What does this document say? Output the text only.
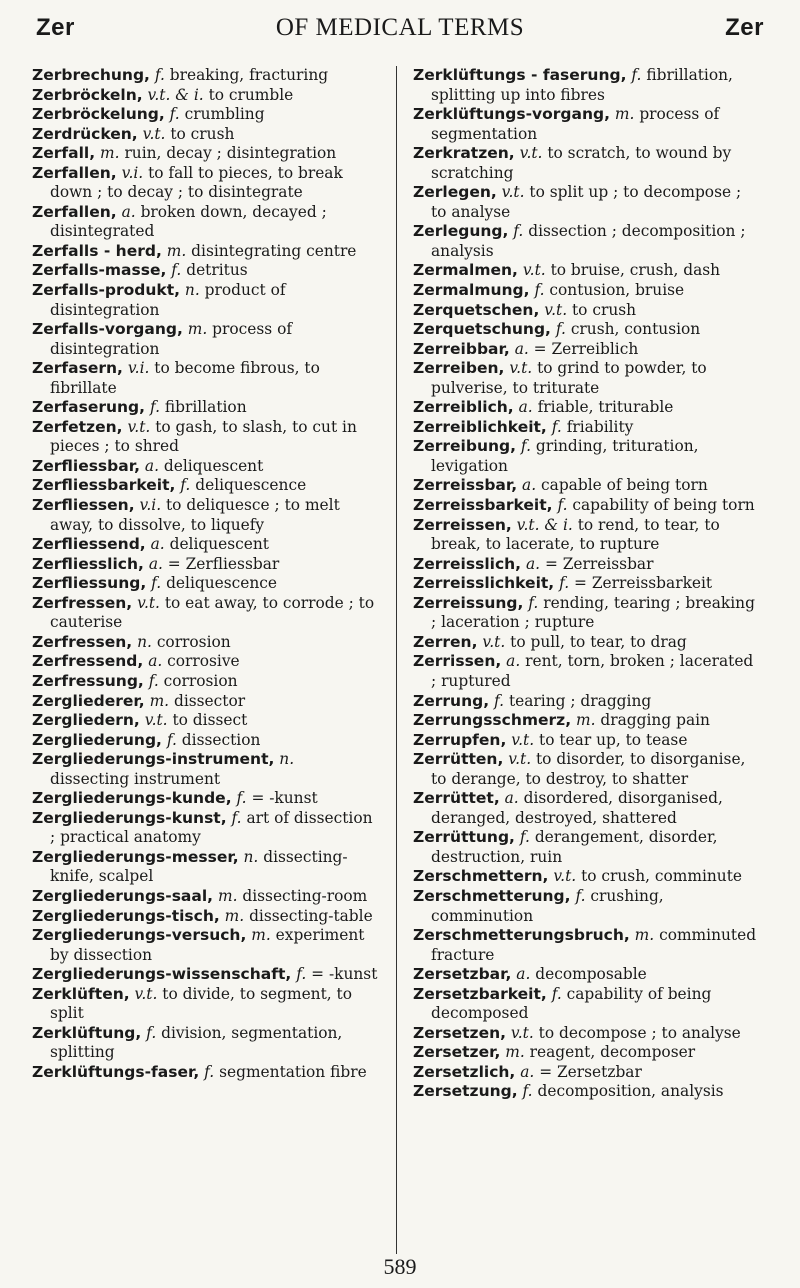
Zer	OF MEDICAL TERMS	Zer

Zerbrechung, f. breaking, fracturing

Zerbröckeln, v.t. & i. to crumble

Zerbröckelung, f. crumbling

Zerdrücken, v.t. to crush

Zerfall, m. ruin, decay ; disintegration

Zerfallen, v.i. to fall to pieces, to break down ; to decay ; to disintegrate

Zerfallen, a. broken down, decayed ; disintegrated

Zerfalls - herd, m. disintegrating centre

Zerfalls-masse, f. detritus

Zerfalls-produkt, n. product of disintegration

Zerfalls-vorgang, m. process of disintegration

Zerfasern, v.i. to become fibrous, to fibrillate

Zerfaserung, f. fibrillation

Zerfetzen, v.t. to gash, to slash, to cut in pieces ; to shred

Zerfliessbar, a. deliquescent

Zerfliessbarkeit, f. deliquescence

Zerfliessen, v.i. to deliquesce ; to melt away, to dissolve, to liquefy

Zerfliessend, a. deliquescent

Zerfliesslich, a. = Zerfliessbar

Zerfliessung, f. deliquescence

Zerfressen, v.t. to eat away, to corrode ; to cauterise

Zerfressen, n. corrosion

Zerfressend, a. corrosive

Zerfressung, f. corrosion

Zergliederer, m. dissector

Zergliedern, v.t. to dissect

Zergliederung, f. dissection

Zergliederungs-instrument, n. dissecting instrument

Zergliederungs-kunde, f. = -kunst

Zergliederungs-kunst, f. art of dissection ; practical anatomy

Zergliederungs-messer, n. dissecting-knife, scalpel

Zergliederungs-saal, m. dissecting-room

Zergliederungs-tisch, m. dissecting-table

Zergliederungs-versuch, m. experiment by dissection

Zergliederungs-wissenschaft, f. = -kunst

Zerklüften, v.t. to divide, to segment, to split

Zerklüftung, f. division, segmentation, splitting

Zerklüftungs-faser, f. segmentation fibre

Zerklüftungs - faserung, f. fibrillation, splitting up into fibres

Zerklüftungs-vorgang, m. process of segmentation

Zerkratzen, v.t. to scratch, to wound by scratching

Zerlegen, v.t. to split up ; to decompose ; to analyse

Zerlegung, f. dissection ; decomposition ; analysis

Zermalmen, v.t. to bruise, crush, dash

Zermalmung, f. contusion, bruise

Zerquetschen, v.t. to crush

Zerquetschung, f. crush, contusion

Zerreibbar, a. = Zerreiblich

Zerreiben, v.t. to grind to powder, to pulverise, to triturate

Zerreiblich, a. friable, triturable

Zerreiblichkeit, f. friability

Zerreibung, f. grinding, trituration, levigation

Zerreissbar, a. capable of being torn

Zerreissbarkeit, f. capability of being torn

Zerreissen, v.t. & i. to rend, to tear, to break, to lacerate, to rupture

Zerreisslich, a. = Zerreissbar

Zerreisslichkeit, f. = Zerreissbarkeit

Zerreissung, f. rending, tearing ; breaking ; laceration ; rupture

Zerren, v.t. to pull, to tear, to drag

Zerrissen, a. rent, torn, broken ; lacerated ; ruptured

Zerrung, f. tearing ; dragging

Zerrungsschmerz, m. dragging pain

Zerrupfen, v.t. to tear up, to tease

Zerrütten, v.t. to disorder, to disorganise, to derange, to destroy, to shatter

Zerrüttet, a. disordered, disorganised, deranged, destroyed, shattered

Zerrüttung, f. derangement, disorder, destruction, ruin

Zerschmettern, v.t. to crush, comminute

Zerschmetterung, f. crushing, comminution

Zerschmetterungsbruch, m. comminuted fracture

Zersetzbar, a. decomposable

Zersetzbarkeit, f. capability of being decomposed

Zersetzen, v.t. to decompose ; to analyse

Zersetzer, m. reagent, decomposer

Zersetzlich, a. = Zersetzbar

Zersetzung, f. decomposition, analysis

589
